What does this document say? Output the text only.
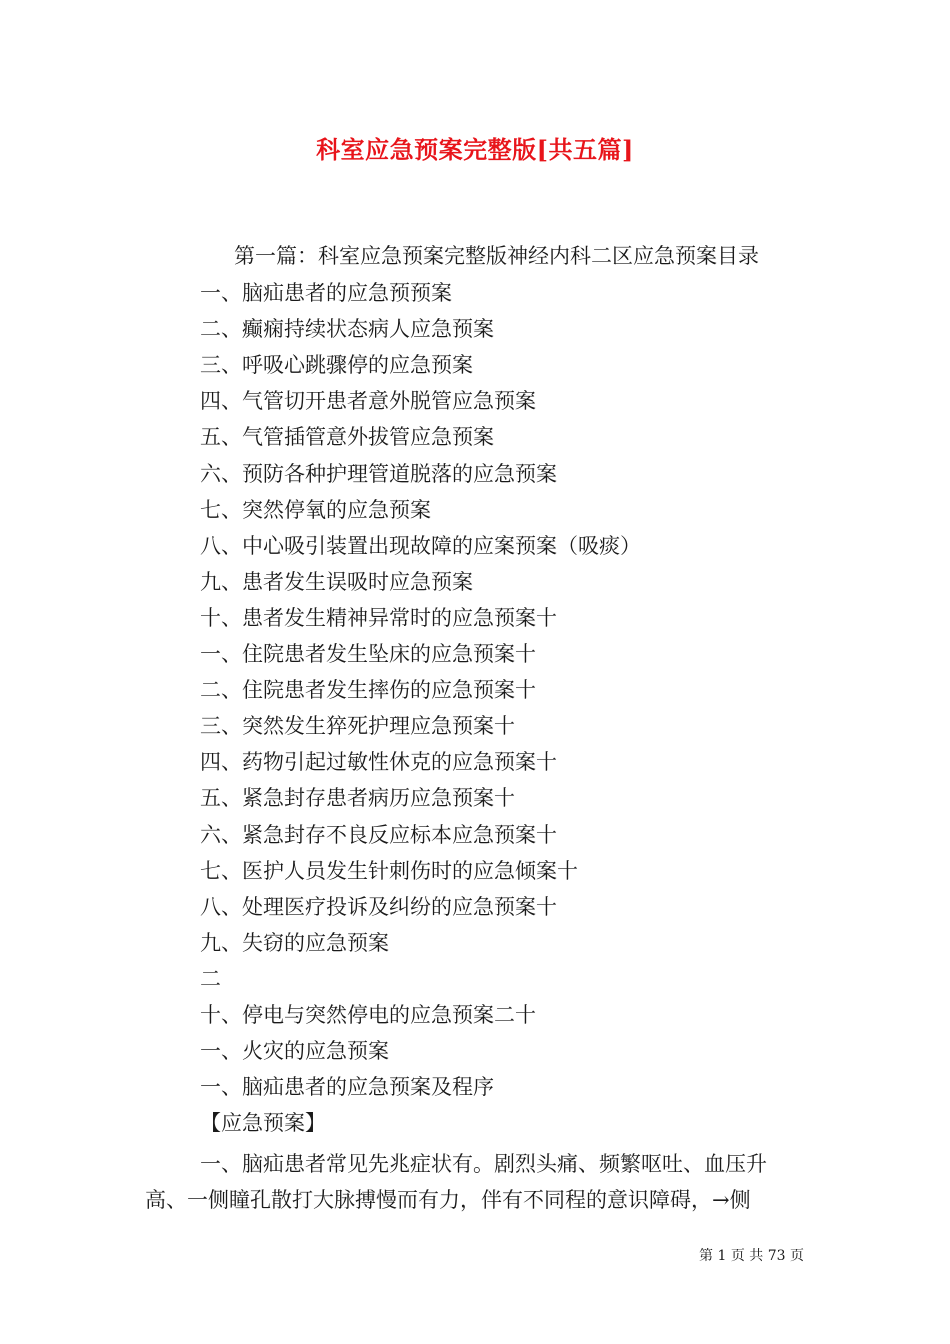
科室应急预案完整版[共五篇]
第一篇：科室应急预案完整版神经内科二区应急预案目录
一、脑疝患者的应急预预案
二、癫痫持续状态病人应急预案
三、呼吸心跳骤停的应急预案
四、气管切开患者意外脱管应急预案
五、气管插管意外拔管应急预案
六、预防各种护理管道脱落的应急预案
七、突然停氧的应急预案
八、中心吸引装置出现故障的应案预案（吸痰）
九、患者发生误吸时应急预案
十、患者发生精神异常时的应急预案十
一、住院患者发生坠床的应急预案十
二、住院患者发生摔伤的应急预案十
三、突然发生猝死护理应急预案十
四、药物引起过敏性休克的应急预案十
五、紧急封存患者病历应急预案十
六、紧急封存不良反应标本应急预案十
七、医护人员发生针刺伤时的应急倾案十
八、处理医疗投诉及纠纷的应急预案十
九、失窃的应急预案
二
十、停电与突然停电的应急预案二十
一、火灾的应急预案
一、脑疝患者的应急预案及程序
【应急预案】
一、脑疝患者常见先兆症状有。剧烈头痛、频繁呕吐、血压升
高、一侧瞳孔散打大脉搏慢而有力，伴有不同程的意识障碍，→侧
第 1 页 共 73 页
